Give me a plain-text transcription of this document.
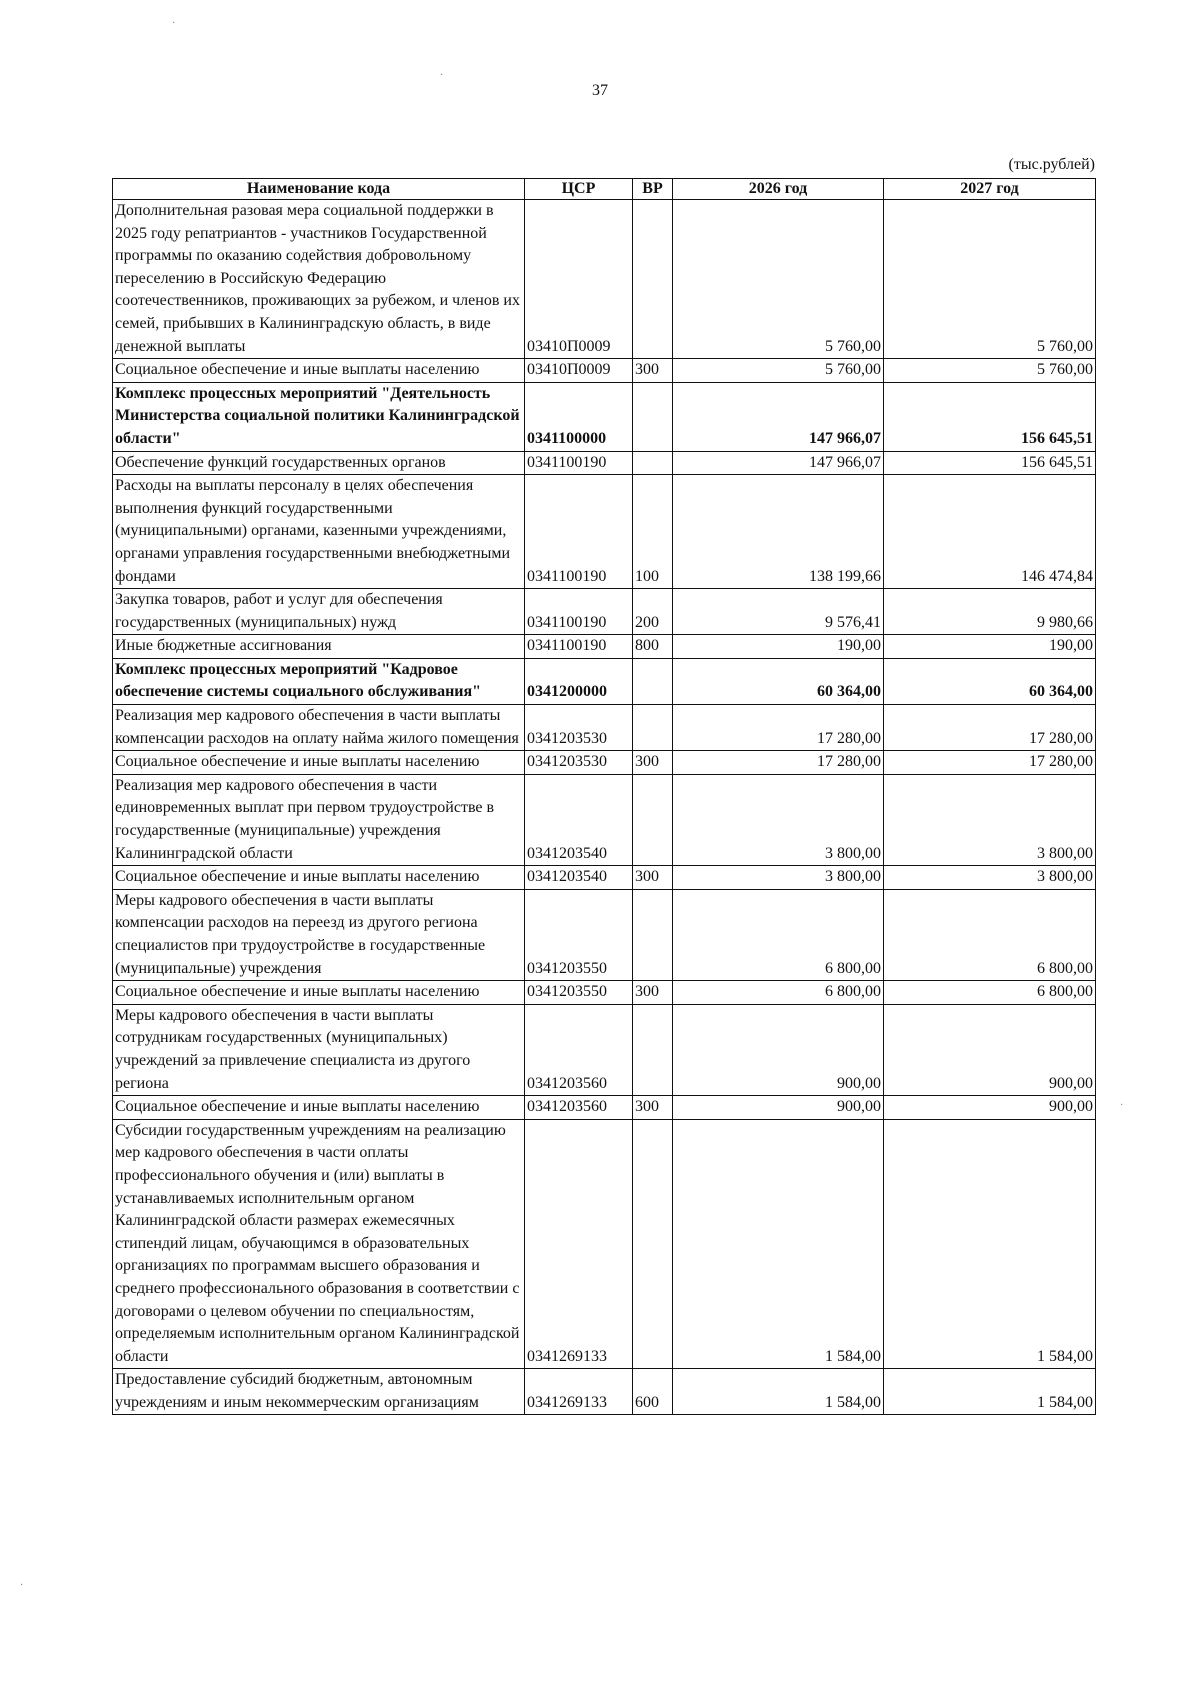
37
(тыс.рублей)
Наименование кода	ЦСР	ВР	2026 год	2027 год
Дополнительная разовая мера социальной поддержки в 2025 году репатриантов - участников Государственной программы по оказанию содействия добровольному переселению в Российскую Федерацию соотечественников, проживающих за рубежом, и членов их семей, прибывших в Калининградскую область, в виде денежной выплаты	03410П0009		5 760,00	5 760,00
Социальное обеспечение и иные выплаты населению	03410П0009	300	5 760,00	5 760,00
Комплекс процессных мероприятий "Деятельность Министерства социальной политики Калининградской области"	0341100000		147 966,07	156 645,51
Обеспечение функций государственных органов	0341100190		147 966,07	156 645,51
Расходы на выплаты персоналу в целях обеспечения выполнения функций государственными (муниципальными) органами, казенными учреждениями, органами управления государственными внебюджетными фондами	0341100190	100	138 199,66	146 474,84
Закупка товаров, работ и услуг для обеспечения государственных (муниципальных) нужд	0341100190	200	9 576,41	9 980,66
Иные бюджетные ассигнования	0341100190	800	190,00	190,00
Комплекс процессных мероприятий "Кадровое обеспечение системы социального обслуживания"	0341200000		60 364,00	60 364,00
Реализация мер кадрового обеспечения в части выплаты компенсации расходов на оплату найма жилого помещения	0341203530		17 280,00	17 280,00
Социальное обеспечение и иные выплаты населению	0341203530	300	17 280,00	17 280,00
Реализация мер кадрового обеспечения в части единовременных выплат при первом трудоустройстве в государственные (муниципальные) учреждения Калининградской области	0341203540		3 800,00	3 800,00
Социальное обеспечение и иные выплаты населению	0341203540	300	3 800,00	3 800,00
Меры кадрового обеспечения в части выплаты компенсации расходов на переезд из другого региона специалистов при трудоустройстве в государственные (муниципальные) учреждения	0341203550		6 800,00	6 800,00
Социальное обеспечение и иные выплаты населению	0341203550	300	6 800,00	6 800,00
Меры кадрового обеспечения в части выплаты сотрудникам государственных (муниципальных) учреждений за привлечение специалиста из другого региона	0341203560		900,00	900,00
Социальное обеспечение и иные выплаты населению	0341203560	300	900,00	900,00
Субсидии государственным учреждениям на реализацию мер кадрового обеспечения в части оплаты профессионального обучения и (или) выплаты в устанавливаемых исполнительным органом Калининградской области размерах ежемесячных стипендий лицам, обучающимся в образовательных организациях по программам высшего образования и среднего профессионального образования в соответствии с договорами о целевом обучении по специальностям, определяемым исполнительным органом Калининградской области	0341269133		1 584,00	1 584,00
Предоставление субсидий бюджетным, автономным учреждениям и иным некоммерческим организациям	0341269133	600	1 584,00	1 584,00
·
·
·
·
